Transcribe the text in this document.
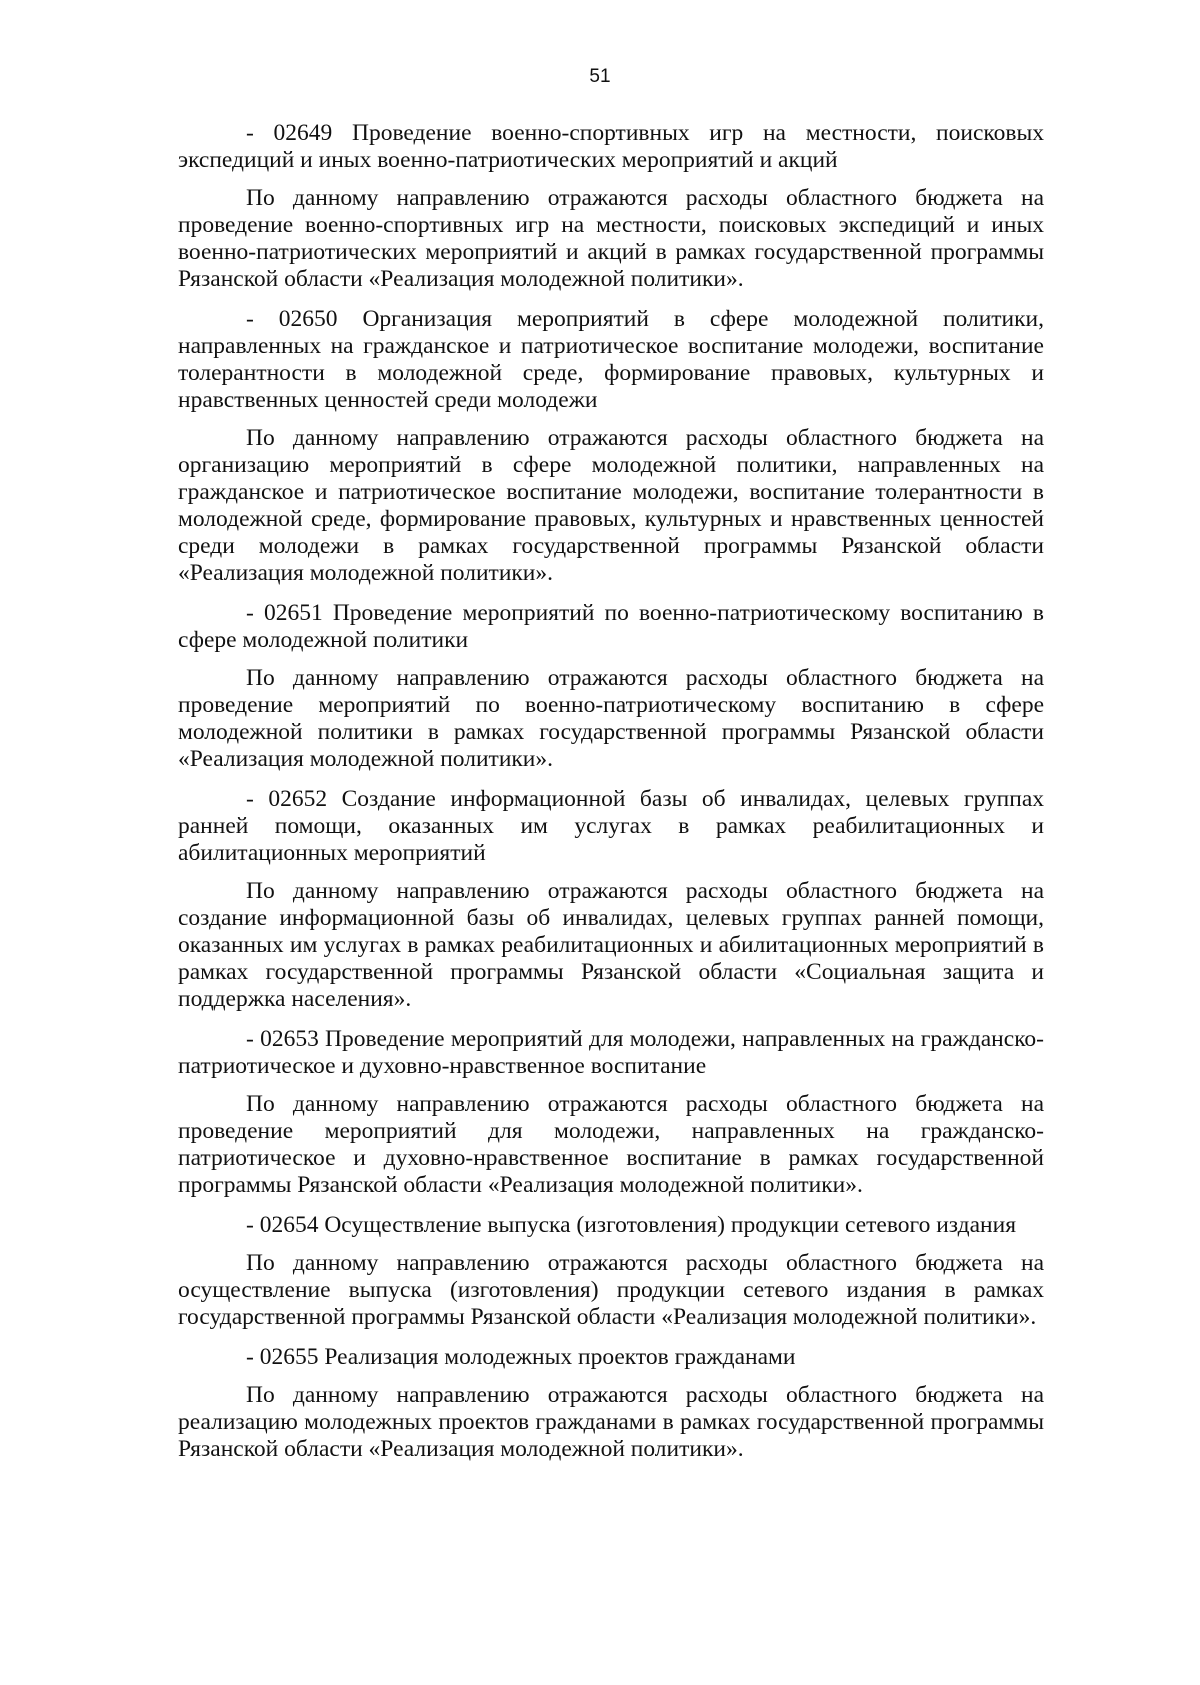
51

- 02649 Проведение военно-спортивных игр на местности, поисковых экспедиций и иных военно-патриотических мероприятий и акций

По данному направлению отражаются расходы областного бюджета на проведение военно-спортивных игр на местности, поисковых экспедиций и иных военно-патриотических мероприятий и акций в рамках государственной программы Рязанской области «Реализация молодежной политики».

- 02650 Организация мероприятий в сфере молодежной политики, направленных на гражданское и патриотическое воспитание молодежи, воспитание толерантности в молодежной среде, формирование правовых, культурных и нравственных ценностей среди молодежи

По данному направлению отражаются расходы областного бюджета на организацию мероприятий в сфере молодежной политики, направленных на гражданское и патриотическое воспитание молодежи, воспитание толерантности в молодежной среде, формирование правовых, культурных и нравственных ценностей среди молодежи в рамках государственной программы Рязанской области «Реализация молодежной политики».

- 02651 Проведение мероприятий по военно-патриотическому воспитанию в сфере молодежной политики

По данному направлению отражаются расходы областного бюджета на проведение мероприятий по военно-патриотическому воспитанию в сфере молодежной политики в рамках государственной программы Рязанской области «Реализация молодежной политики».

- 02652 Создание информационной базы об инвалидах, целевых группах ранней помощи, оказанных им услугах в рамках реабилитационных и абилитационных мероприятий

По данному направлению отражаются расходы областного бюджета на создание информационной базы об инвалидах, целевых группах ранней помощи, оказанных им услугах в рамках реабилитационных и абилитационных мероприятий в рамках государственной программы Рязанской области «Социальная защита и поддержка населения».

- 02653 Проведение мероприятий для молодежи, направленных на гражданско-патриотическое и духовно-нравственное воспитание

По данному направлению отражаются расходы областного бюджета на проведение мероприятий для молодежи, направленных на гражданско-патриотическое и духовно-нравственное воспитание в рамках государственной программы Рязанской области «Реализация молодежной политики».

- 02654 Осуществление выпуска (изготовления) продукции сетевого издания

По данному направлению отражаются расходы областного бюджета на осуществление выпуска (изготовления) продукции сетевого издания в рамках государственной программы Рязанской области «Реализация молодежной политики».

- 02655 Реализация молодежных проектов гражданами

По данному направлению отражаются расходы областного бюджета на реализацию молодежных проектов гражданами в рамках государственной программы Рязанской области «Реализация молодежной политики».
